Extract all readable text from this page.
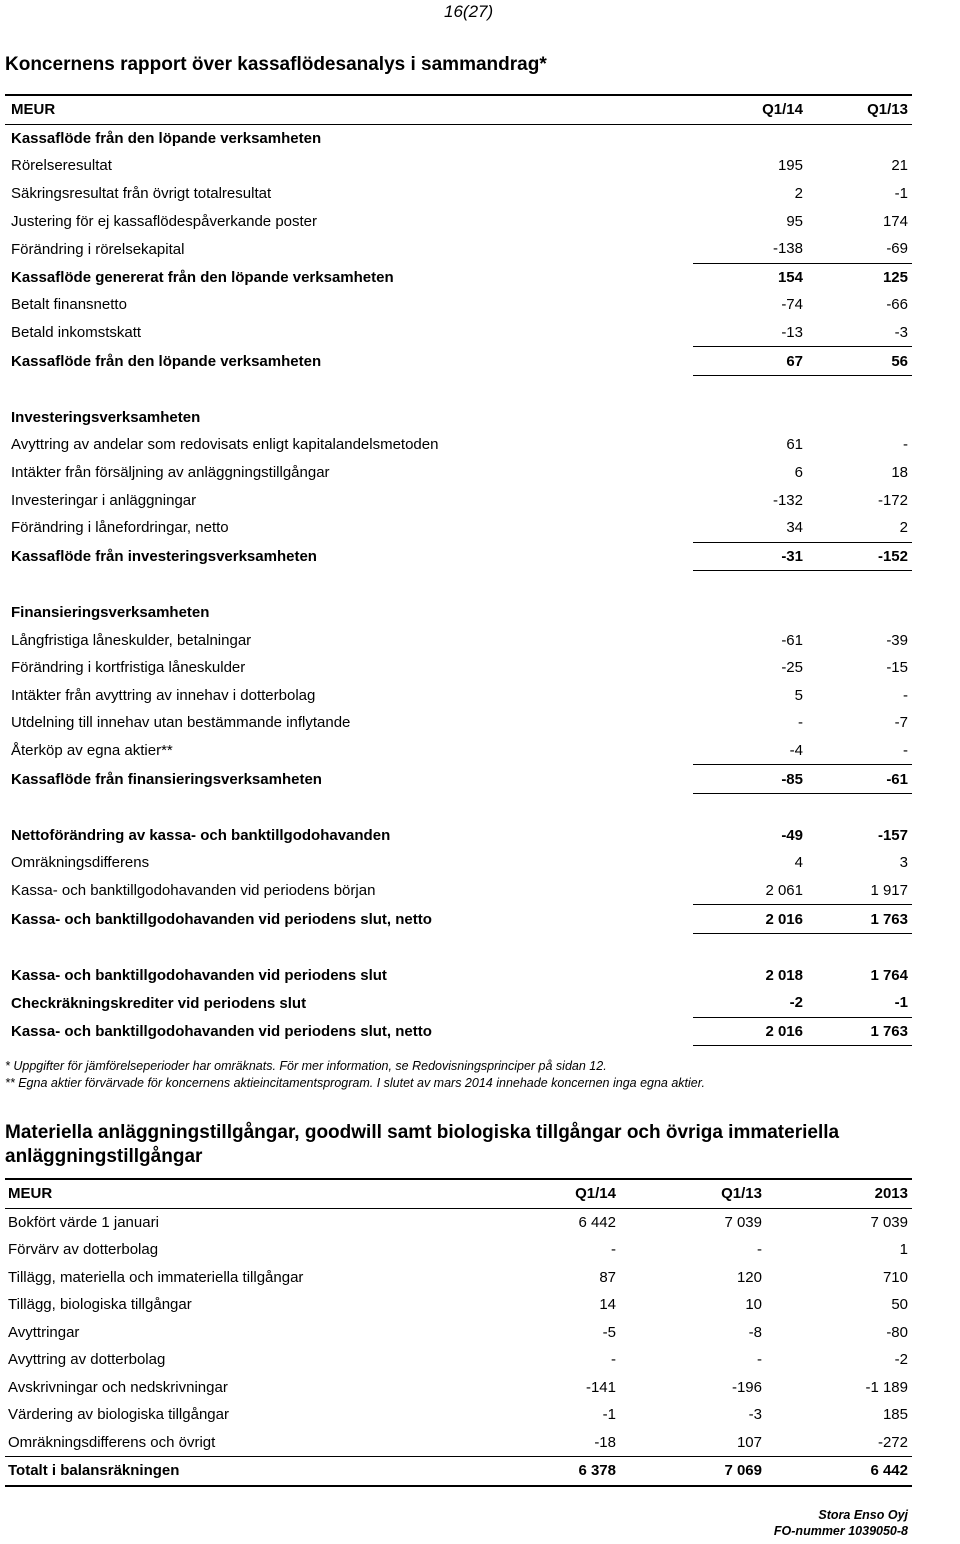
16(27)
Koncernens rapport över kassaflödesanalys i sammandrag*
MEUR	Q1/14	Q1/13
Kassaflöde från den löpande verksamheten		
Rörelseresultat	195	21
Säkringsresultat från övrigt totalresultat	2	-1
Justering för ej kassaflödespåverkande poster	95	174
Förändring i rörelsekapital	-138	-69
Kassaflöde genererat från den löpande verksamheten	154	125
Betalt finansnetto	-74	-66
Betald inkomstskatt	-13	-3
Kassaflöde från den löpande verksamheten	67	56

Investeringsverksamheten		
Avyttring av andelar som redovisats enligt kapitalandelsmetoden	61	-
Intäkter från försäljning av anläggningstillgångar	6	18
Investeringar i anläggningar	-132	-172
Förändring i lånefordringar, netto	34	2
Kassaflöde från investeringsverksamheten	-31	-152

Finansieringsverksamheten		
Långfristiga låneskulder, betalningar	-61	-39
Förändring i kortfristiga låneskulder	-25	-15
Intäkter från avyttring av innehav i dotterbolag	5	-
Utdelning till innehav utan bestämmande inflytande	-	-7
Återköp av egna aktier**	-4	-
Kassaflöde från finansieringsverksamheten	-85	-61

Nettoförändring av kassa- och banktillgodohavanden	-49	-157
Omräkningsdifferens	4	3
Kassa- och banktillgodohavanden vid periodens början	2 061	1 917
Kassa- och banktillgodohavanden vid periodens slut, netto	2 016	1 763

Kassa- och banktillgodohavanden vid periodens slut	2 018	1 764
Checkräkningskrediter vid periodens slut	-2	-1
Kassa- och banktillgodohavanden vid periodens slut, netto	2 016	1 763
* Uppgifter för jämförelseperioder har omräknats. För mer information, se Redovisningsprinciper på sidan 12.
** Egna aktier förvärvade för koncernens aktieincitamentsprogram. I slutet av mars 2014 innehade koncernen inga egna aktier.
Materiella anläggningstillgångar, goodwill samt biologiska tillgångar och övriga immateriella anläggningstillgångar
MEUR	Q1/14	Q1/13	2013
Bokfört värde 1 januari	6 442	7 039	7 039
Förvärv av dotterbolag	-	-	1
Tillägg, materiella och immateriella tillgångar	87	120	710
Tillägg, biologiska tillgångar	14	10	50
Avyttringar	-5	-8	-80
Avyttring av dotterbolag	-	-	-2
Avskrivningar och nedskrivningar	-141	-196	-1 189
Värdering av biologiska tillgångar	-1	-3	185
Omräkningsdifferens och övrigt	-18	107	-272
Totalt i balansräkningen	6 378	7 069	6 442
Stora Enso Oyj
FO-nummer 1039050-8
